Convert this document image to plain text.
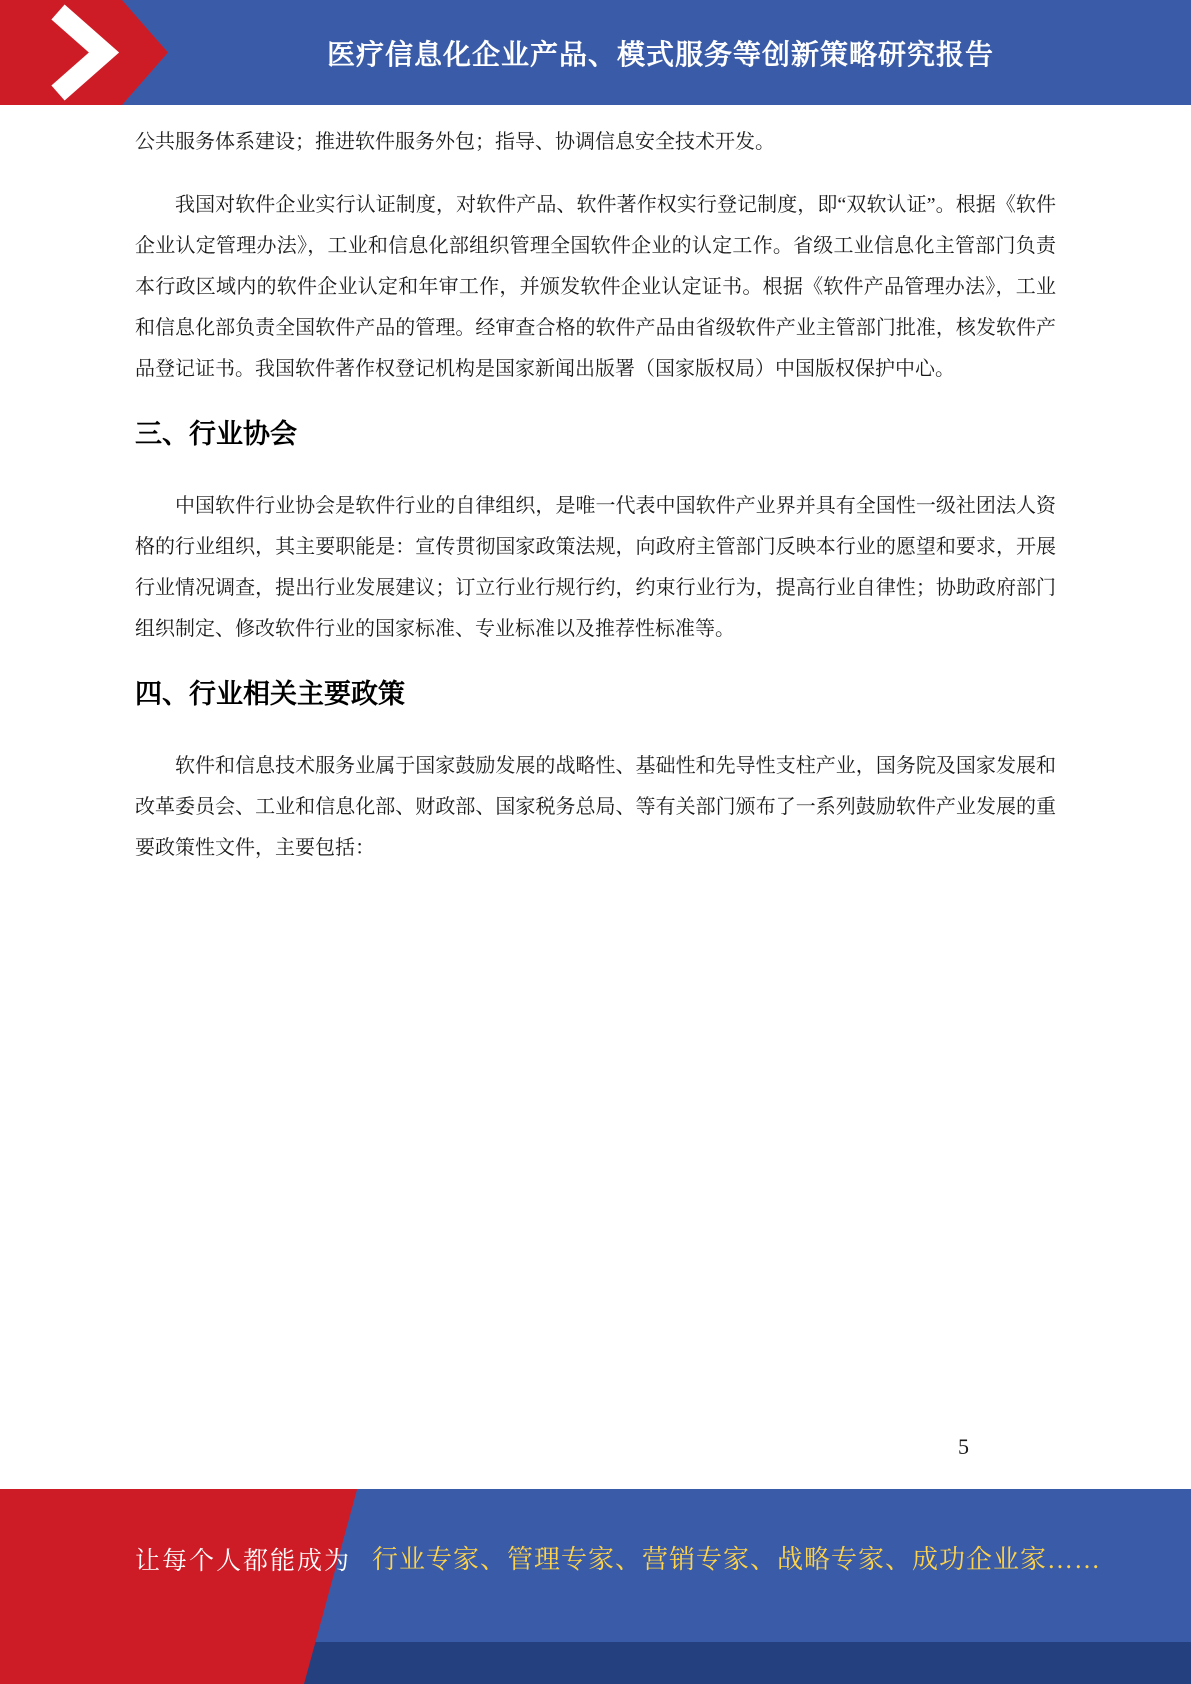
医疗信息化企业产品、模式服务等创新策略研究报告

公共服务体系建设；推进软件服务外包；指导、协调信息安全技术开发。

我国对软件企业实行认证制度，对软件产品、软件著作权实行登记制度，即“双软认证”。根据《软件企业认定管理办法》，工业和信息化部组织管理全国软件企业的认定工作。省级工业信息化主管部门负责本行政区域内的软件企业认定和年审工作，并颁发软件企业认定证书。根据《软件产品管理办法》，工业和信息化部负责全国软件产品的管理。经审查合格的软件产品由省级软件产业主管部门批准，核发软件产品登记证书。我国软件著作权登记机构是国家新闻出版署（国家版权局）中国版权保护中心。

三、行业协会

中国软件行业协会是软件行业的自律组织，是唯一代表中国软件产业界并具有全国性一级社团法人资格的行业组织，其主要职能是：宣传贯彻国家政策法规，向政府主管部门反映本行业的愿望和要求，开展行业情况调查，提出行业发展建议；订立行业行规行约，约束行业行为，提高行业自律性；协助政府部门组织制定、修改软件行业的国家标准、专业标准以及推荐性标准等。

四、行业相关主要政策

软件和信息技术服务业属于国家鼓励发展的战略性、基础性和先导性支柱产业，国务院及国家发展和改革委员会、工业和信息化部、财政部、国家税务总局、等有关部门颁布了一系列鼓励软件产业发展的重要政策性文件，主要包括：

5
让每个人都能成为 行业专家、管理专家、营销专家、战略专家、成功企业家……
